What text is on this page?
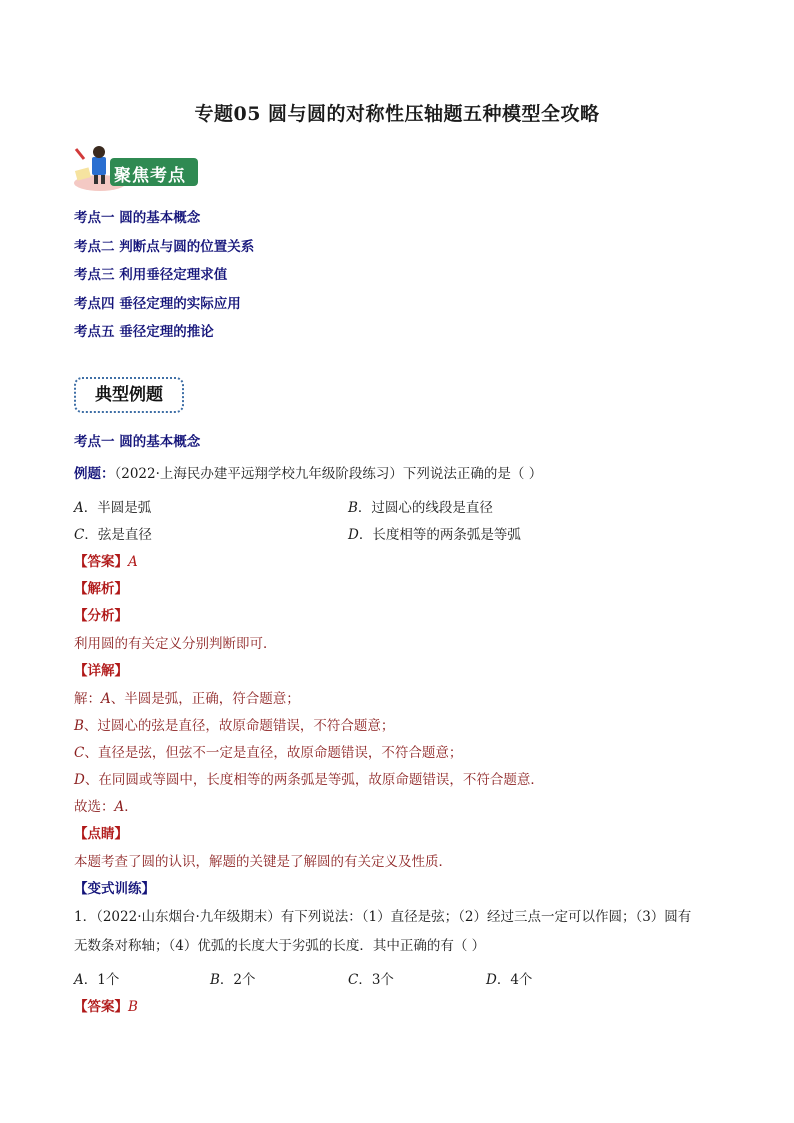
专题05 圆与圆的对称性压轴题五种模型全攻略
聚焦考点
考点一 圆的基本概念
考点二 判断点与圆的位置关系
考点三 利用垂径定理求值
考点四 垂径定理的实际应用
考点五 垂径定理的推论
典型例题
考点一 圆的基本概念
例题：（2022·上海民办建平远翔学校九年级阶段练习）下列说法正确的是（ ）
A．半圆是弧	B．过圆心的线段是直径
C．弦是直径	D．长度相等的两条弧是等弧
【答案】A
【解析】
【分析】
利用圆的有关定义分别判断即可．
【详解】
解：A、半圆是弧，正确，符合题意；
B、过圆心的弦是直径，故原命题错误，不符合题意；
C、直径是弦，但弦不一定是直径，故原命题错误，不符合题意；
D、在同圆或等圆中，长度相等的两条弧是等弧，故原命题错误，不符合题意．
故选：A．
【点睛】
本题考查了圆的认识，解题的关键是了解圆的有关定义及性质．
【变式训练】
1．（2022·山东烟台·九年级期末）有下列说法：（1）直径是弦；（2）经过三点一定可以作圆；（3）圆有
无数条对称轴；（4）优弧的长度大于劣弧的长度．其中正确的有（ ）
A．1个	B．2个	C．3个	D．4个
【答案】B
